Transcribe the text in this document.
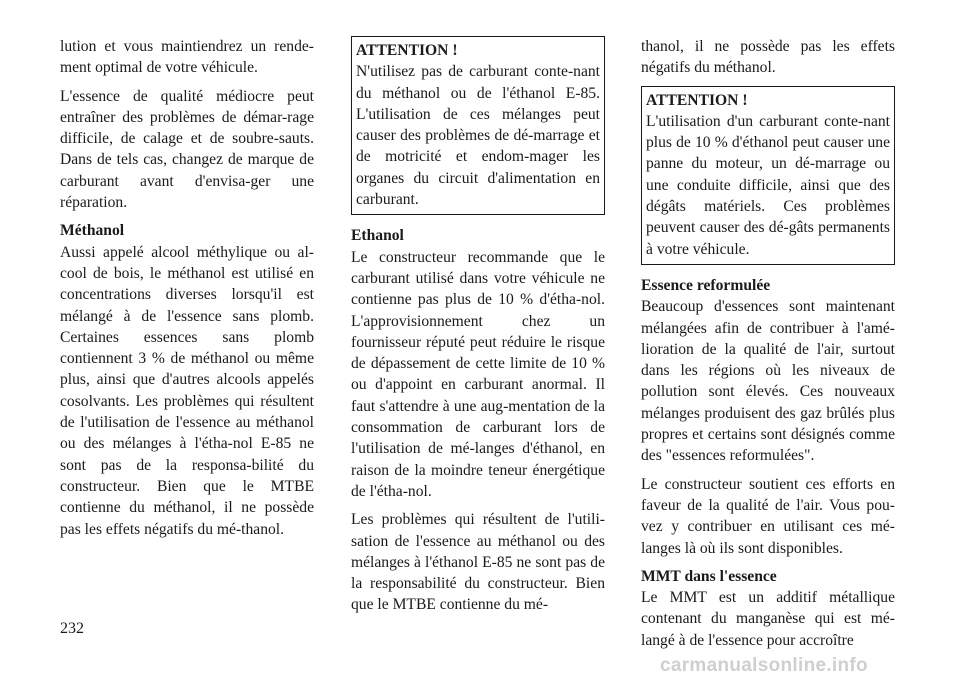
lution et vous maintiendrez un rende-ment optimal de votre véhicule.

L'essence de qualité médiocre peut entraîner des problèmes de démar-rage difficile, de calage et de soubre-sauts. Dans de tels cas, changez de marque de carburant avant d'envisa-ger une réparation.

Méthanol

Aussi appelé alcool méthylique ou al-cool de bois, le méthanol est utilisé en concentrations diverses lorsqu'il est mélangé à de l'essence sans plomb. Certaines essences sans plomb contiennent 3 % de méthanol ou même plus, ainsi que d'autres alcools appelés cosolvants. Les problèmes qui résultent de l'utilisation de l'essence au méthanol ou des mélanges à l'étha-nol E-85 ne sont pas de la responsa-bilité du constructeur. Bien que le MTBE contienne du méthanol, il ne possède pas les effets négatifs du mé-thanol.

ATTENTION !

N'utilisez pas de carburant conte-nant du méthanol ou de l'éthanol E-85. L'utilisation de ces mélanges peut causer des problèmes de dé-marrage et de motricité et endom-mager les organes du circuit d'alimentation en carburant.

Ethanol

Le constructeur recommande que le carburant utilisé dans votre véhicule ne contienne pas plus de 10 % d'étha-nol. L'approvisionnement chez un fournisseur réputé peut réduire le risque de dépassement de cette limite de 10 % ou d'appoint en carburant anormal. Il faut s'attendre à une aug-mentation de la consommation de carburant lors de l'utilisation de mé-langes d'éthanol, en raison de la moindre teneur énergétique de l'étha-nol.

Les problèmes qui résultent de l'utili-sation de l'essence au méthanol ou des mélanges à l'éthanol E-85 ne sont pas de la responsabilité du constructeur. Bien que le MTBE contienne du mé-

thanol, il ne possède pas les effets négatifs du méthanol.

ATTENTION !

L'utilisation d'un carburant conte-nant plus de 10 % d'éthanol peut causer une panne du moteur, un dé-marrage ou une conduite difficile, ainsi que des dégâts matériels. Ces problèmes peuvent causer des dé-gâts permanents à votre véhicule.

Essence reformulée

Beaucoup d'essences sont maintenant mélangées afin de contribuer à l'amé-lioration de la qualité de l'air, surtout dans les régions où les niveaux de pollution sont élevés. Ces nouveaux mélanges produisent des gaz brûlés plus propres et certains sont désignés comme des "essences reformulées".

Le constructeur soutient ces efforts en faveur de la qualité de l'air. Vous pou-vez y contribuer en utilisant ces mé-langes là où ils sont disponibles.

MMT dans l'essence

Le MMT est un additif métallique contenant du manganèse qui est mé-langé à de l'essence pour accroître

232
carmanualsonline.info
